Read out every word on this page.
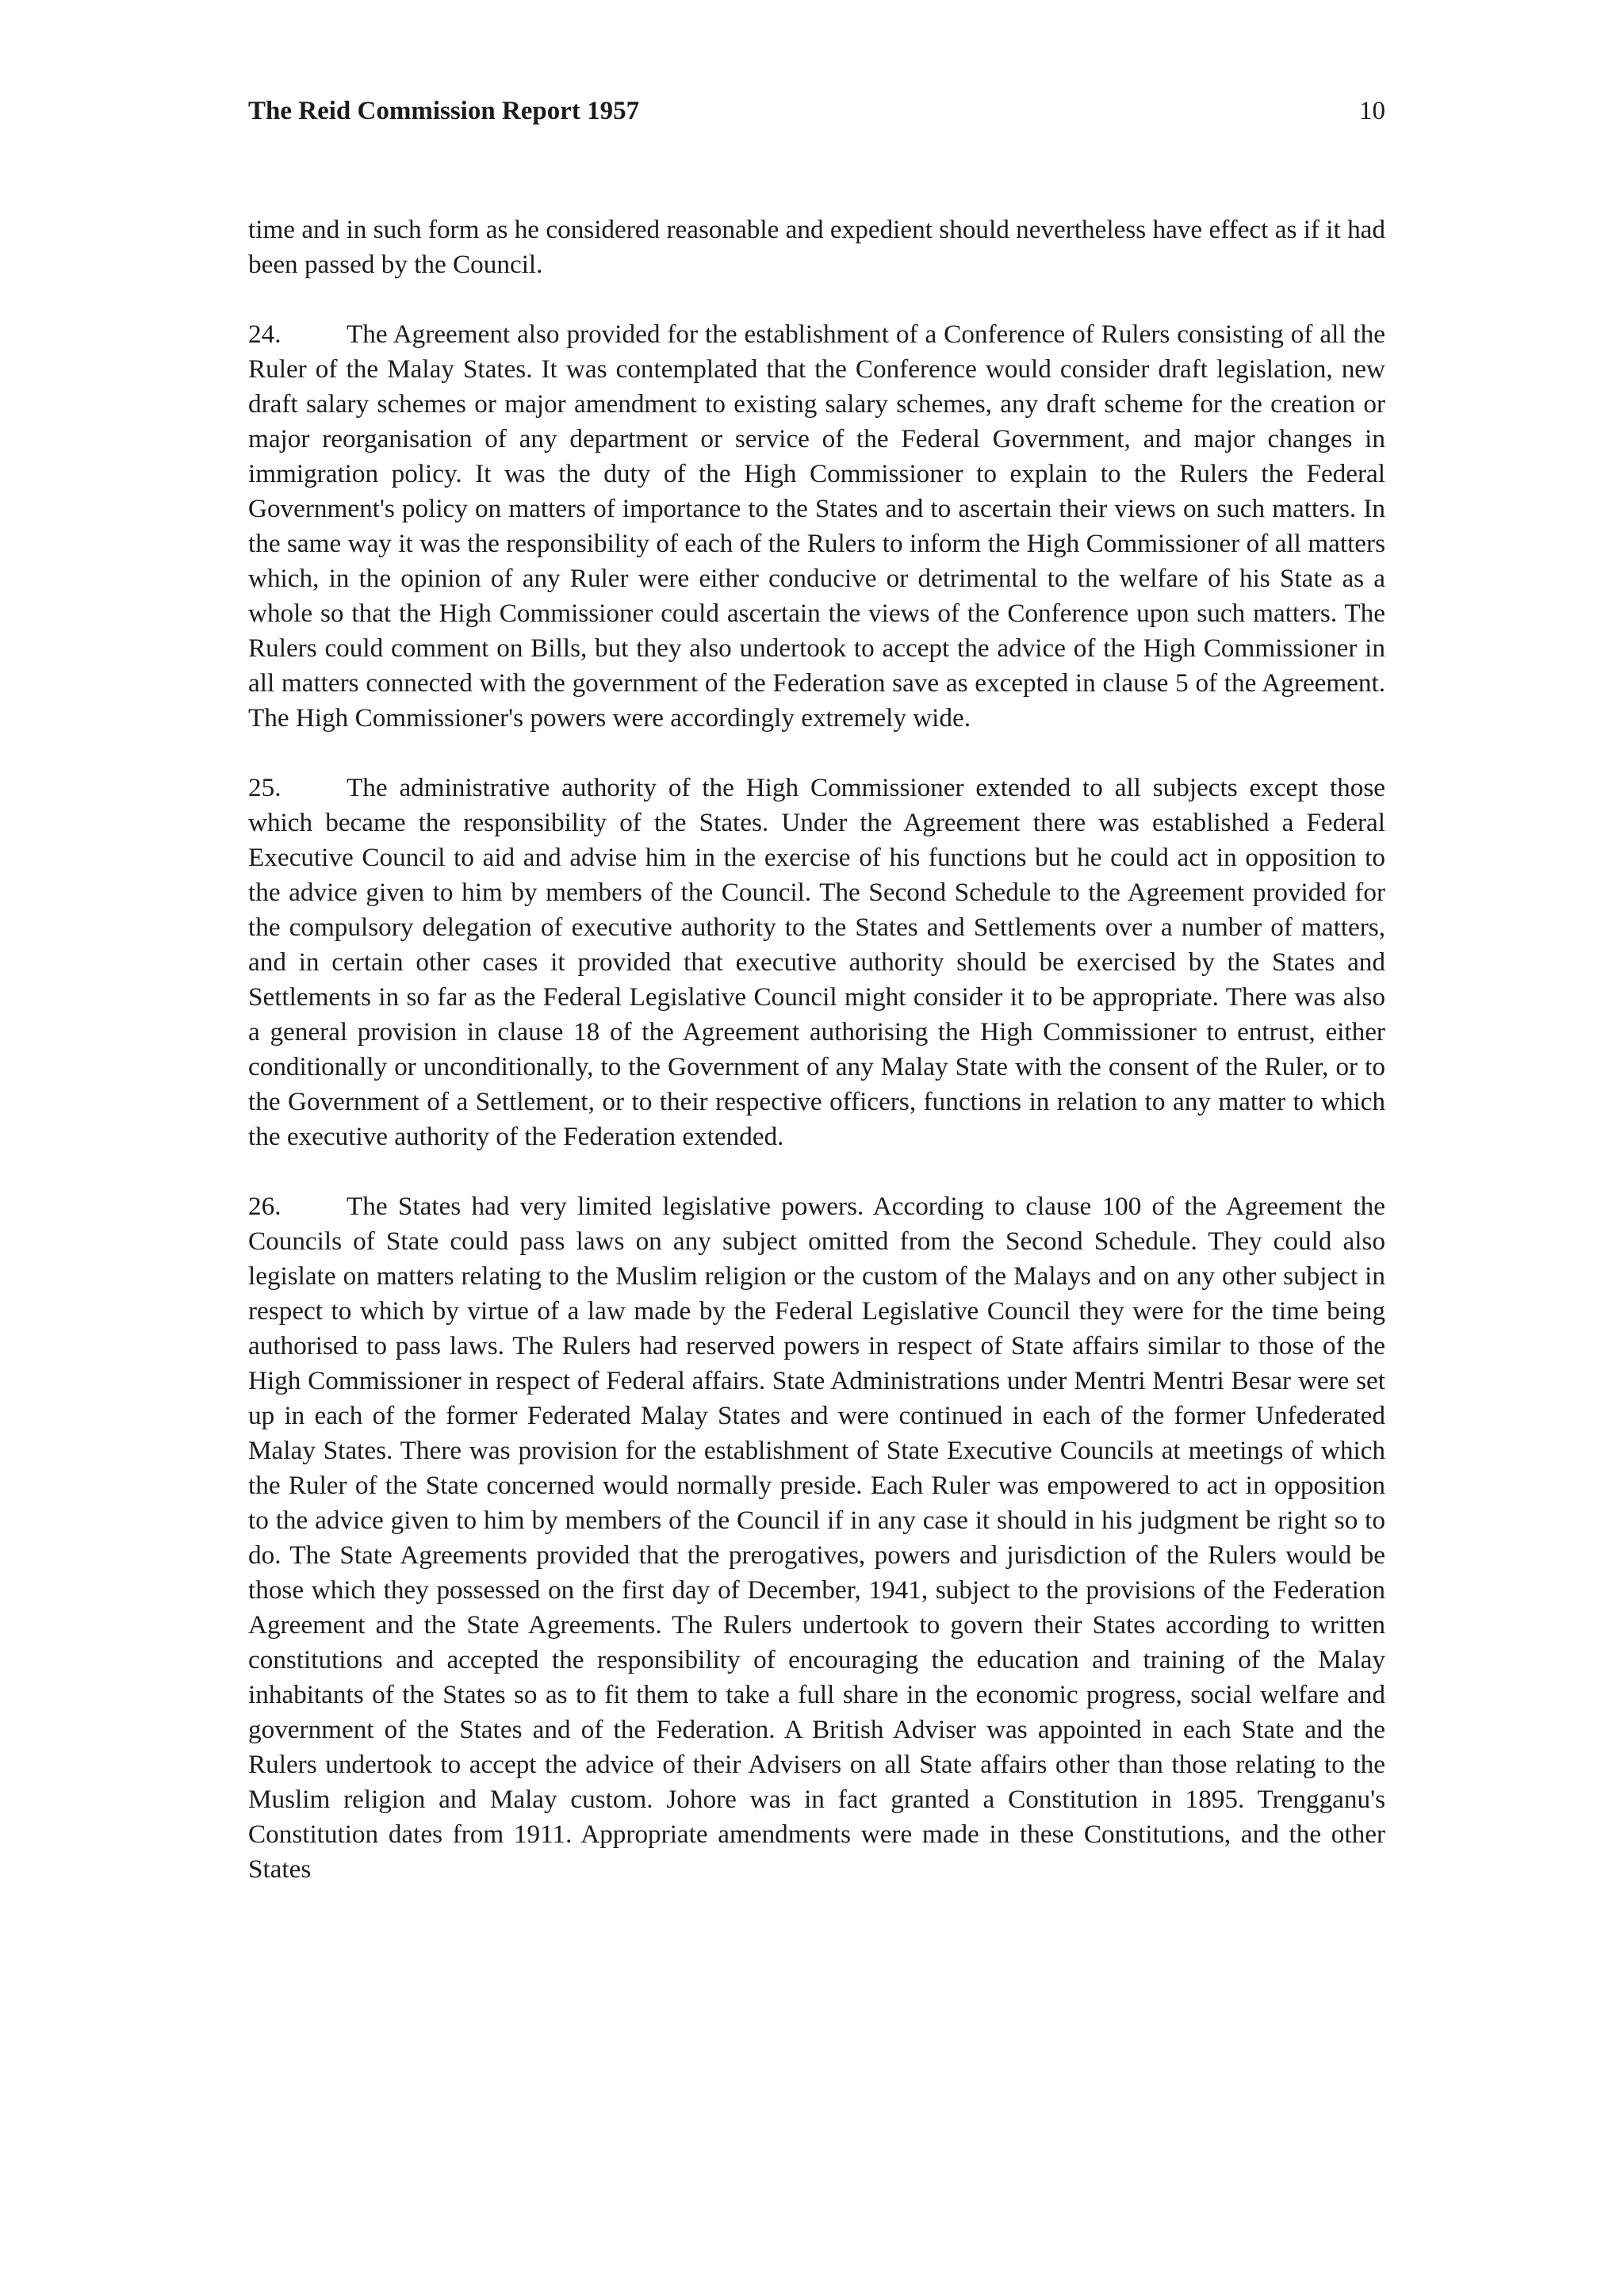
The Reid Commission Report 1957	10

time and in such form as he considered reasonable and expedient should nevertheless have effect as if it had been passed by the Council.

24. The Agreement also provided for the establishment of a Conference of Rulers consisting of all the Ruler of the Malay States. It was contemplated that the Conference would consider draft legislation, new draft salary schemes or major amendment to existing salary schemes, any draft scheme for the creation or major reorganisation of any department or service of the Federal Government, and major changes in immigration policy. It was the duty of the High Commissioner to explain to the Rulers the Federal Government's policy on matters of importance to the States and to ascertain their views on such matters. In the same way it was the responsibility of each of the Rulers to inform the High Commissioner of all matters which, in the opinion of any Ruler were either conducive or detrimental to the welfare of his State as a whole so that the High Commissioner could ascertain the views of the Conference upon such matters. The Rulers could comment on Bills, but they also undertook to accept the advice of the High Commissioner in all matters connected with the government of the Federation save as excepted in clause 5 of the Agreement. The High Commissioner's powers were accordingly extremely wide.

25. The administrative authority of the High Commissioner extended to all subjects except those which became the responsibility of the States. Under the Agreement there was established a Federal Executive Council to aid and advise him in the exercise of his functions but he could act in opposition to the advice given to him by members of the Council. The Second Schedule to the Agreement provided for the compulsory delegation of executive authority to the States and Settlements over a number of matters, and in certain other cases it provided that executive authority should be exercised by the States and Settlements in so far as the Federal Legislative Council might consider it to be appropriate. There was also a general provision in clause 18 of the Agreement authorising the High Commissioner to entrust, either conditionally or unconditionally, to the Government of any Malay State with the consent of the Ruler, or to the Government of a Settlement, or to their respective officers, functions in relation to any matter to which the executive authority of the Federation extended.

26. The States had very limited legislative powers. According to clause 100 of the Agreement the Councils of State could pass laws on any subject omitted from the Second Schedule. They could also legislate on matters relating to the Muslim religion or the custom of the Malays and on any other subject in respect to which by virtue of a law made by the Federal Legislative Council they were for the time being authorised to pass laws. The Rulers had reserved powers in respect of State affairs similar to those of the High Commissioner in respect of Federal affairs. State Administrations under Mentri Mentri Besar were set up in each of the former Federated Malay States and were continued in each of the former Unfederated Malay States. There was provision for the establishment of State Executive Councils at meetings of which the Ruler of the State concerned would normally preside. Each Ruler was empowered to act in opposition to the advice given to him by members of the Council if in any case it should in his judgment be right so to do. The State Agreements provided that the prerogatives, powers and jurisdiction of the Rulers would be those which they possessed on the first day of December, 1941, subject to the provisions of the Federation Agreement and the State Agreements. The Rulers undertook to govern their States according to written constitutions and accepted the responsibility of encouraging the education and training of the Malay inhabitants of the States so as to fit them to take a full share in the economic progress, social welfare and government of the States and of the Federation. A British Adviser was appointed in each State and the Rulers undertook to accept the advice of their Advisers on all State affairs other than those relating to the Muslim religion and Malay custom. Johore was in fact granted a Constitution in 1895. Trengganu's Constitution dates from 1911. Appropriate amendments were made in these Constitutions, and the other States
